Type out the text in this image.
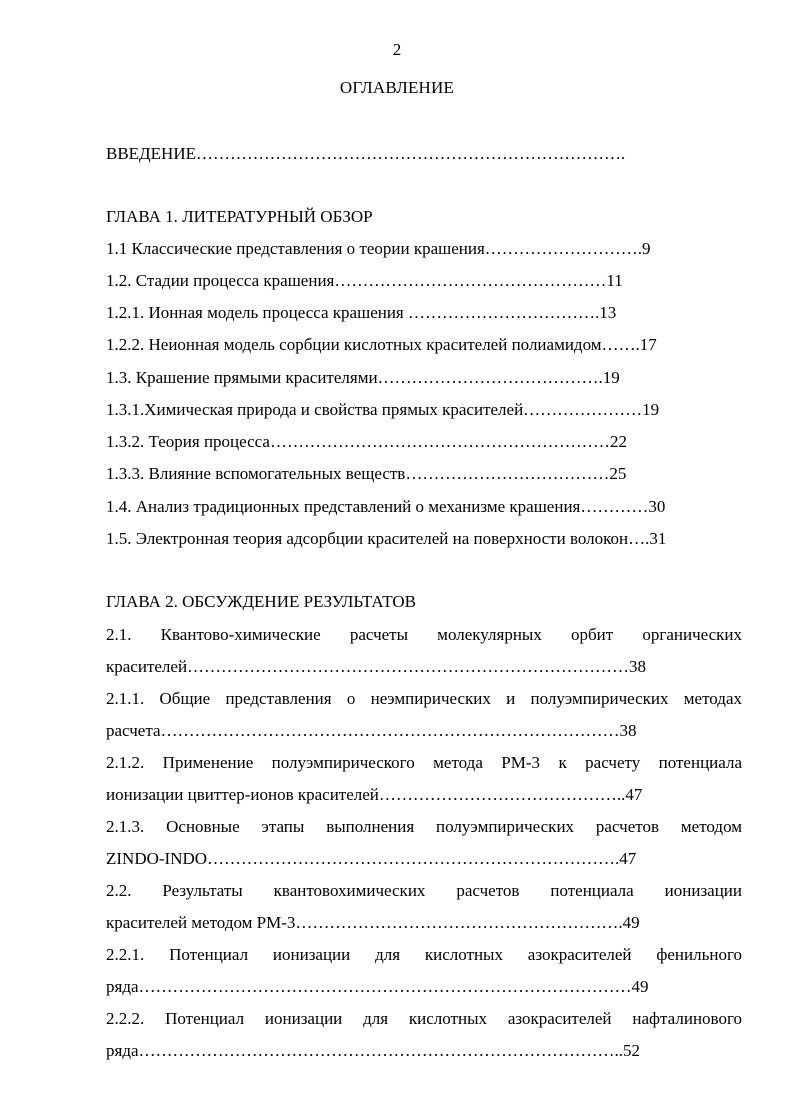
2
ОГЛАВЛЕНИЕ
ВВЕДЕНИЕ………………………………………………………………….
ГЛАВА 1. ЛИТЕРАТУРНЫЙ ОБЗОР
1.1 Классические представления о теории крашения……………………….9
1.2. Стадии процесса крашения…………………………………………11
1.2.1. Ионная модель процесса крашения …………………………….13
1.2.2. Неионная модель сорбции кислотных красителей полиамидом…….17
1.3. Крашение прямыми красителями………………………………….19
1.3.1.Химическая природа и свойства прямых красителей…………………19
1.3.2. Теория процесса……………………………………………………22
1.3.3. Влияние вспомогательных веществ………………………………25
1.4. Анализ традиционных представлений о механизме крашения…………30
1.5. Электронная теория адсорбции красителей на поверхности волокон….31
ГЛАВА 2. ОБСУЖДЕНИЕ РЕЗУЛЬТАТОВ
2.1. Квантово-химические расчеты молекулярных орбит органических
красителей……………………………………………………………………38
2.1.1. Общие представления о неэмпирических и полуэмпирических методах
расчета………………………………………………………………………38
2.1.2. Применение полуэмпирического метода РМ-3 к расчету потенциала
ионизации цвиттер-ионов красителей……………………………………..47
2.1.3. Основные этапы выполнения полуэмпирических расчетов методом
ZINDO-INDO……………………………………………………………….47
2.2. Результаты квантовохимических расчетов потенциала ионизации
красителей методом РМ-3………………………………………………….49
2.2.1. Потенциал ионизации для кислотных азокрасителей фенильного
ряда……………………………………………………………………………49
2.2.2. Потенциал ионизации для кислотных азокрасителей нафталинового
ряда…………………………………………………………………………..52
